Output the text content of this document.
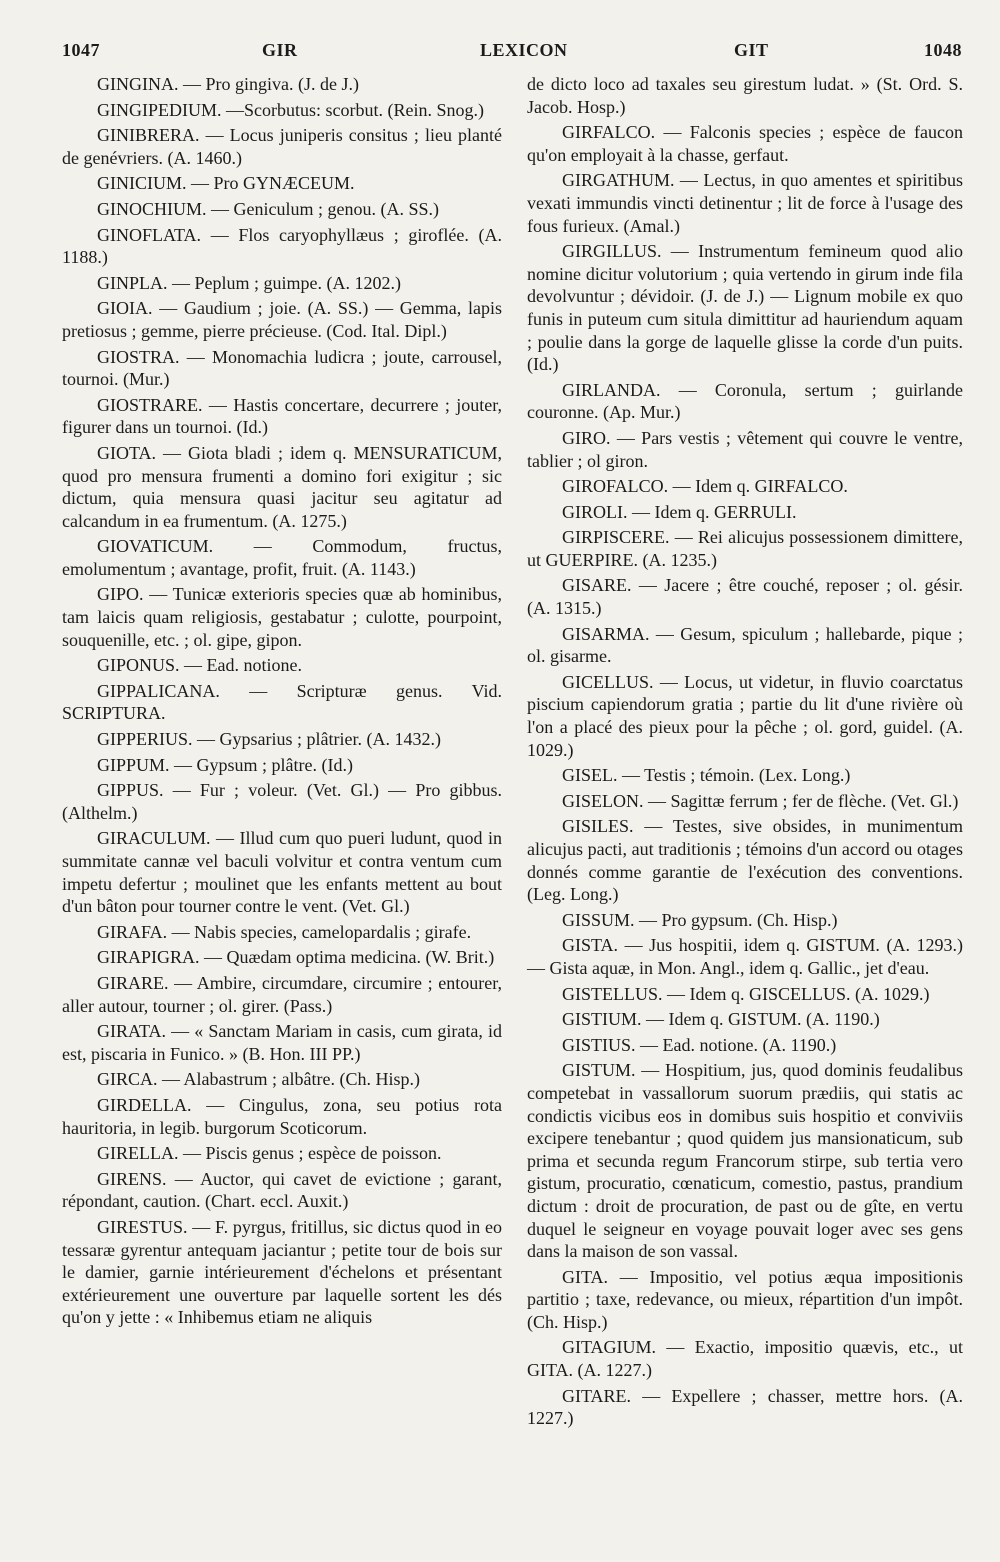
1047	GIR	LEXICON	GIT	1048

GINGINA. — Pro gingiva. (J. de J.)

GINGIPEDIUM. —Scorbutus: scorbut. (Rein. Snog.)

GINIBRERA. — Locus juniperis consitus ; lieu planté de genévriers. (A. 1460.)

GINICIUM. — Pro GYNÆCEUM.

GINOCHIUM. — Geniculum ; genou. (A. SS.)

GINOFLATA. — Flos caryophyllæus ; giroflée. (A. 1188.)

GINPLA. — Peplum ; guimpe. (A. 1202.)

GIOIA. — Gaudium ; joie. (A. SS.) — Gemma, lapis pretiosus ; gemme, pierre précieuse. (Cod. Ital. Dipl.)

GIOSTRA. — Monomachia ludicra ; joute, carrousel, tournoi. (Mur.)

GIOSTRARE. — Hastis concertare, decurrere ; jouter, figurer dans un tournoi. (Id.)

GIOTA. — Giota bladi ; idem q. MENSURATICUM, quod pro mensura frumenti a domino fori exigitur ; sic dictum, quia mensura quasi jacitur seu agitatur ad calcandum in ea frumentum. (A. 1275.)

GIOVATICUM. — Commodum, fructus, emolumentum ; avantage, profit, fruit. (A. 1143.)

GIPO. — Tunicæ exterioris species quæ ab hominibus, tam laicis quam religiosis, gestabatur ; culotte, pourpoint, souquenille, etc. ; ol. gipe, gipon.

GIPONUS. — Ead. notione.

GIPPALICANA. — Scripturæ genus. Vid. SCRIPTURA.

GIPPERIUS. — Gypsarius ; plâtrier. (A. 1432.)

GIPPUM. — Gypsum ; plâtre. (Id.)

GIPPUS. — Fur ; voleur. (Vet. Gl.) — Pro gibbus. (Althelm.)

GIRACULUM. — Illud cum quo pueri ludunt, quod in summitate cannæ vel baculi volvitur et contra ventum cum impetu defertur ; moulinet que les enfants mettent au bout d'un bâton pour tourner contre le vent. (Vet. Gl.)

GIRAFA. — Nabis species, camelopardalis ; girafe.

GIRAPIGRA. — Quædam optima medicina. (W. Brit.)

GIRARE. — Ambire, circumdare, circumire ; entourer, aller autour, tourner ; ol. girer. (Pass.)

GIRATA. — « Sanctam Mariam in casis, cum girata, id est, piscaria in Funico. » (B. Hon. III PP.)

GIRCA. — Alabastrum ; albâtre. (Ch. Hisp.)

GIRDELLA. — Cingulus, zona, seu potius rota hauritoria, in legib. burgorum Scoticorum.

GIRELLA. — Piscis genus ; espèce de poisson.

GIRENS. — Auctor, qui cavet de evictione ; garant, répondant, caution. (Chart. eccl. Auxit.)

GIRESTUS. — F. pyrgus, fritillus, sic dictus quod in eo tessaræ gyrentur antequam jaciantur ; petite tour de bois sur le damier, garnie intérieurement d'échelons et présentant extérieurement une ouverture par laquelle sortent les dés qu'on y jette : « Inhibemus etiam ne aliquis

de dicto loco ad taxales seu girestum ludat. » (St. Ord. S. Jacob. Hosp.)

GIRFALCO. — Falconis species ; espèce de faucon qu'on employait à la chasse, gerfaut.

GIRGATHUM. — Lectus, in quo amentes et spiritibus vexati immundis vincti detinentur ; lit de force à l'usage des fous furieux. (Amal.)

GIRGILLUS. — Instrumentum femineum quod alio nomine dicitur volutorium ; quia vertendo in girum inde fila devolvuntur ; dévidoir. (J. de J.) — Lignum mobile ex quo funis in puteum cum situla dimittitur ad hauriendum aquam ; poulie dans la gorge de laquelle glisse la corde d'un puits. (Id.)

GIRLANDA. — Coronula, sertum ; guirlande couronne. (Ap. Mur.)

GIRO. — Pars vestis ; vêtement qui couvre le ventre, tablier ; ol giron.

GIROFALCO. — Idem q. GIRFALCO.

GIROLI. — Idem q. GERRULI.

GIRPISCERE. — Rei alicujus possessionem dimittere, ut GUERPIRE. (A. 1235.)

GISARE. — Jacere ; être couché, reposer ; ol. gésir. (A. 1315.)

GISARMA. — Gesum, spiculum ; hallebarde, pique ; ol. gisarme.

GICELLUS. — Locus, ut videtur, in fluvio coarctatus piscium capiendorum gratia ; partie du lit d'une rivière où l'on a placé des pieux pour la pêche ; ol. gord, guidel. (A. 1029.)

GISEL. — Testis ; témoin. (Lex. Long.)

GISELON. — Sagittæ ferrum ; fer de flèche. (Vet. Gl.)

GISILES. — Testes, sive obsides, in munimentum alicujus pacti, aut traditionis ; témoins d'un accord ou otages donnés comme garantie de l'exécution des conventions. (Leg. Long.)

GISSUM. — Pro gypsum. (Ch. Hisp.)

GISTA. — Jus hospitii, idem q. GISTUM. (A. 1293.) — Gista aquæ, in Mon. Angl., idem q. Gallic., jet d'eau.

GISTELLUS. — Idem q. GISCELLUS. (A. 1029.)

GISTIUM. — Idem q. GISTUM. (A. 1190.)

GISTIUS. — Ead. notione. (A. 1190.)

GISTUM. — Hospitium, jus, quod dominis feudalibus competebat in vassallorum suorum prædiis, qui statis ac condictis vicibus eos in domibus suis hospitio et conviviis excipere tenebantur ; quod quidem jus mansionaticum, sub prima et secunda regum Francorum stirpe, sub tertia vero gistum, procuratio, cœnaticum, comestio, pastus, prandium dictum : droit de procuration, de past ou de gîte, en vertu duquel le seigneur en voyage pouvait loger avec ses gens dans la maison de son vassal.

GITA. — Impositio, vel potius æqua impositionis partitio ; taxe, redevance, ou mieux, répartition d'un impôt. (Ch. Hisp.)

GITAGIUM. — Exactio, impositio quævis, etc., ut GITA. (A. 1227.)

GITARE. — Expellere ; chasser, mettre hors. (A. 1227.)
